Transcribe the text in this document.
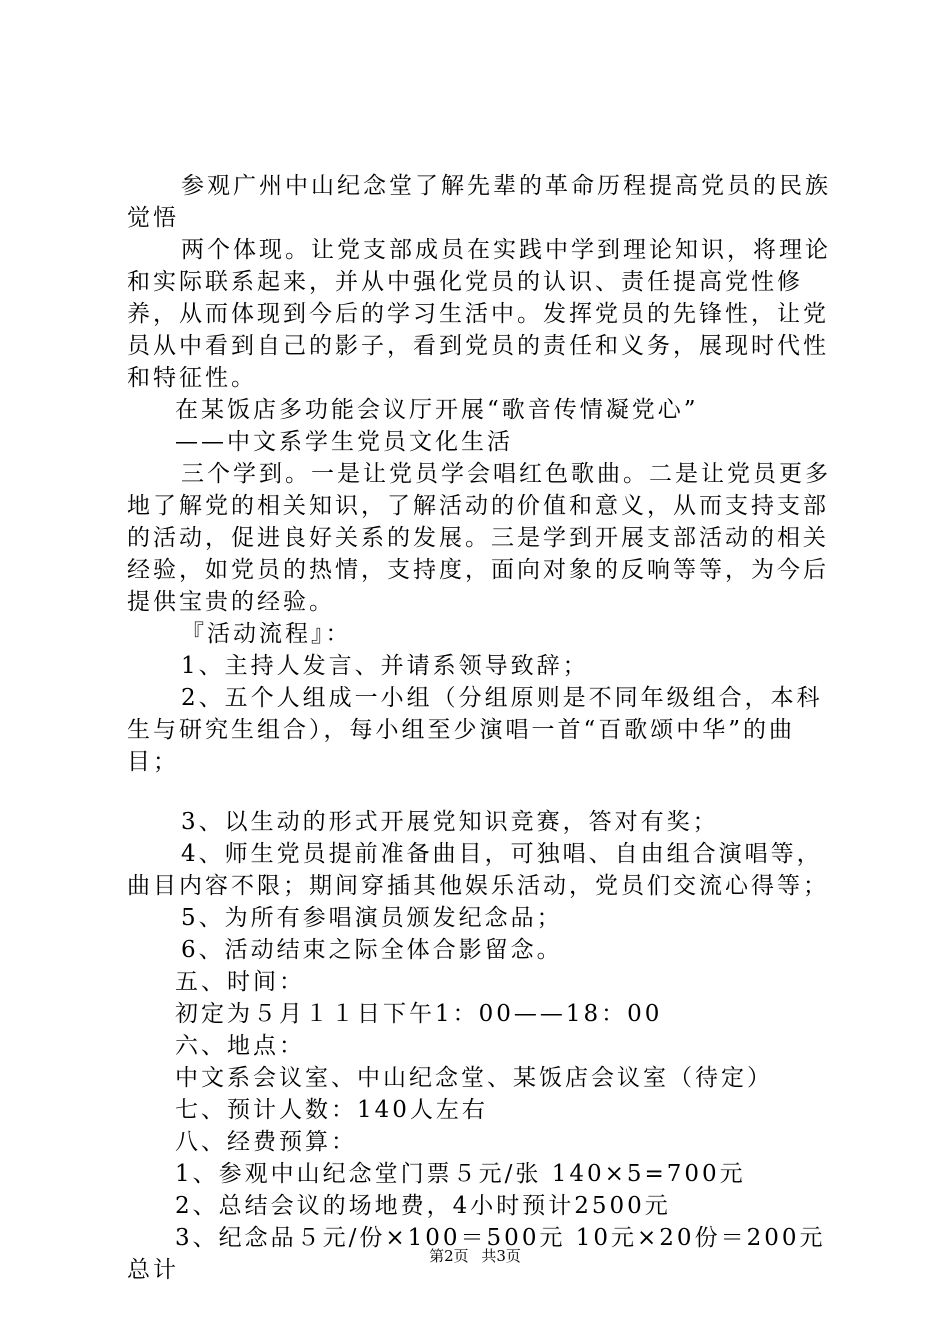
参观广州中山纪念堂了解先辈的革命历程提高党员的民族觉悟

两个体现。让党支部成员在实践中学到理论知识，将理论和实际联系起来，并从中强化党员的认识、责任提高党性修养，从而体现到今后的学习生活中。发挥党员的先锋性，让党员从中看到自己的影子，看到党员的责任和义务，展现时代性和特征性。

在某饭店多功能会议厅开展“歌音传情凝党心”

——中文系学生党员文化生活

三个学到。一是让党员学会唱红色歌曲。二是让党员更多地了解党的相关知识，了解活动的价值和意义，从而支持支部的活动，促进良好关系的发展。三是学到开展支部活动的相关经验，如党员的热情，支持度，面向对象的反响等等，为今后提供宝贵的经验。

『活动流程』：

1、主持人发言、并请系领导致辞；

2、五个人组成一小组（分组原则是不同年级组合，本科生与研究生组合），每小组至少演唱一首“百歌颂中华”的曲目；

3、以生动的形式开展党知识竞赛，答对有奖；

4、师生党员提前准备曲目，可独唱、自由组合演唱等，曲目内容不限；期间穿插其他娱乐活动，党员们交流心得等；

5、为所有参唱演员颁发纪念品；

6、活动结束之际全体合影留念。

五、时间：

初定为５月１１日下午1：00——18：00

六、地点：

中文系会议室、中山纪念堂、某饭店会议室（待定）

七、预计人数：140人左右

八、经费预算：

1、参观中山纪念堂门票５元/张 140×5=700元

2、总结会议的场地费，4小时预计2500元

3、纪念品５元/份×100＝500元 10元×20份＝200元总计

第2页 共3页
